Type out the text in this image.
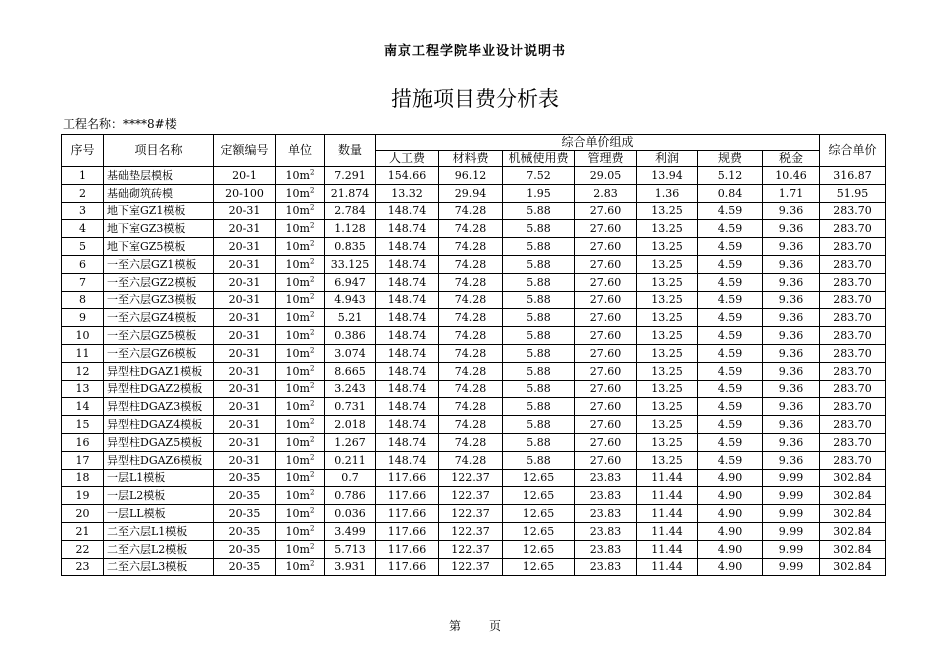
南京工程学院毕业设计说明书
措施项目费分析表
工程名称：****8#楼
序号	项目名称	定额编号	单位	数量	综合单价组成							综合单价
					人工费	材料费	机械使用费	管理费	利润	规费	税金	
1	基础垫层模板	20-1	$10m^2$	7.291	154.66	96.12	7.52	29.05	13.94	5.12	10.46	316.87
2	基础砌筑砖模	20-100	$10m^2$	21.874	13.32	29.94	1.95	2.83	1.36	0.84	1.71	51.95
3	地下室GZ1模板	20-31	$10m^2$	2.784	148.74	74.28	5.88	27.60	13.25	4.59	9.36	283.70
4	地下室GZ3模板	20-31	$10m^2$	1.128	148.74	74.28	5.88	27.60	13.25	4.59	9.36	283.70
5	地下室GZ5模板	20-31	$10m^2$	0.835	148.74	74.28	5.88	27.60	13.25	4.59	9.36	283.70
6	一至六层GZ1模板	20-31	$10m^2$	33.125	148.74	74.28	5.88	27.60	13.25	4.59	9.36	283.70
7	一至六层GZ2模板	20-31	$10m^2$	6.947	148.74	74.28	5.88	27.60	13.25	4.59	9.36	283.70
8	一至六层GZ3模板	20-31	$10m^2$	4.943	148.74	74.28	5.88	27.60	13.25	4.59	9.36	283.70
9	一至六层GZ4模板	20-31	$10m^2$	5.21	148.74	74.28	5.88	27.60	13.25	4.59	9.36	283.70
10	一至六层GZ5模板	20-31	$10m^2$	0.386	148.74	74.28	5.88	27.60	13.25	4.59	9.36	283.70
11	一至六层GZ6模板	20-31	$10m^2$	3.074	148.74	74.28	5.88	27.60	13.25	4.59	9.36	283.70
12	异型柱DGAZ1模板	20-31	$10m^2$	8.665	148.74	74.28	5.88	27.60	13.25	4.59	9.36	283.70
13	异型柱DGAZ2模板	20-31	$10m^2$	3.243	148.74	74.28	5.88	27.60	13.25	4.59	9.36	283.70
14	异型柱DGAZ3模板	20-31	$10m^2$	0.731	148.74	74.28	5.88	27.60	13.25	4.59	9.36	283.70
15	异型柱DGAZ4模板	20-31	$10m^2$	2.018	148.74	74.28	5.88	27.60	13.25	4.59	9.36	283.70
16	异型柱DGAZ5模板	20-31	$10m^2$	1.267	148.74	74.28	5.88	27.60	13.25	4.59	9.36	283.70
17	异型柱DGAZ6模板	20-31	$10m^2$	0.211	148.74	74.28	5.88	27.60	13.25	4.59	9.36	283.70
18	一层L1模板	20-35	$10m^2$	0.7	117.66	122.37	12.65	23.83	11.44	4.90	9.99	302.84
19	一层L2模板	20-35	$10m^2$	0.786	117.66	122.37	12.65	23.83	11.44	4.90	9.99	302.84
20	一层LL模板	20-35	$10m^2$	0.036	117.66	122.37	12.65	23.83	11.44	4.90	9.99	302.84
21	二至六层L1模板	20-35	$10m^2$	3.499	117.66	122.37	12.65	23.83	11.44	4.90	9.99	302.84
22	二至六层L2模板	20-35	$10m^2$	5.713	117.66	122.37	12.65	23.83	11.44	4.90	9.99	302.84
23	二至六层L3模板	20-35	$10m^2$	3.931	117.66	122.37	12.65	23.83	11.44	4.90	9.99	302.84
第 页
